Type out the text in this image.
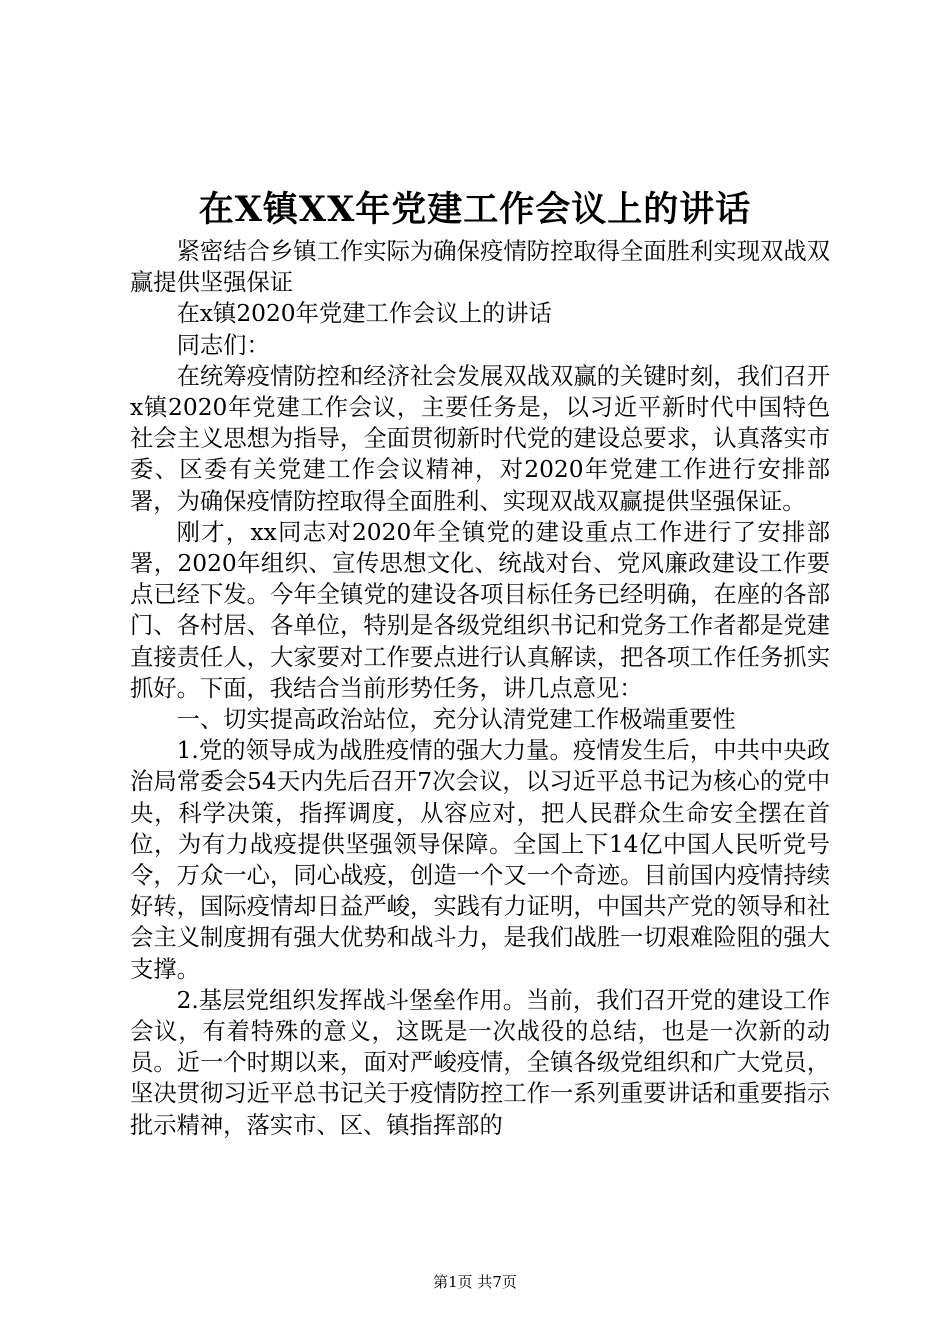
在X镇XX年党建工作会议上的讲话

紧密结合乡镇工作实际为确保疫情防控取得全面胜利实现双战双赢提供坚强保证

在x镇2020年党建工作会议上的讲话

同志们：

在统筹疫情防控和经济社会发展双战双赢的关键时刻，我们召开x镇2020年党建工作会议，主要任务是，以习近平新时代中国特色社会主义思想为指导，全面贯彻新时代党的建设总要求，认真落实市委、区委有关党建工作会议精神，对2020年党建工作进行安排部署，为确保疫情防控取得全面胜利、实现双战双赢提供坚强保证。

刚才，xx同志对2020年全镇党的建设重点工作进行了安排部署，2020年组织、宣传思想文化、统战对台、党风廉政建设工作要点已经下发。今年全镇党的建设各项目标任务已经明确，在座的各部门、各村居、各单位，特别是各级党组织书记和党务工作者都是党建直接责任人，大家要对工作要点进行认真解读，把各项工作任务抓实抓好。下面，我结合当前形势任务，讲几点意见：

一、切实提高政治站位，充分认清党建工作极端重要性

1.党的领导成为战胜疫情的强大力量。疫情发生后，中共中央政治局常委会54天内先后召开7次会议，以习近平总书记为核心的党中央，科学决策，指挥调度，从容应对，把人民群众生命安全摆在首位，为有力战疫提供坚强领导保障。全国上下14亿中国人民听党号令，万众一心，同心战疫，创造一个又一个奇迹。目前国内疫情持续好转，国际疫情却日益严峻，实践有力证明，中国共产党的领导和社会主义制度拥有强大优势和战斗力，是我们战胜一切艰难险阻的强大支撑。

2.基层党组织发挥战斗堡垒作用。当前，我们召开党的建设工作会议，有着特殊的意义，这既是一次战役的总结，也是一次新的动员。近一个时期以来，面对严峻疫情，全镇各级党组织和广大党员，坚决贯彻习近平总书记关于疫情防控工作一系列重要讲话和重要指示批示精神，落实市、区、镇指挥部的

第1页 共7页
